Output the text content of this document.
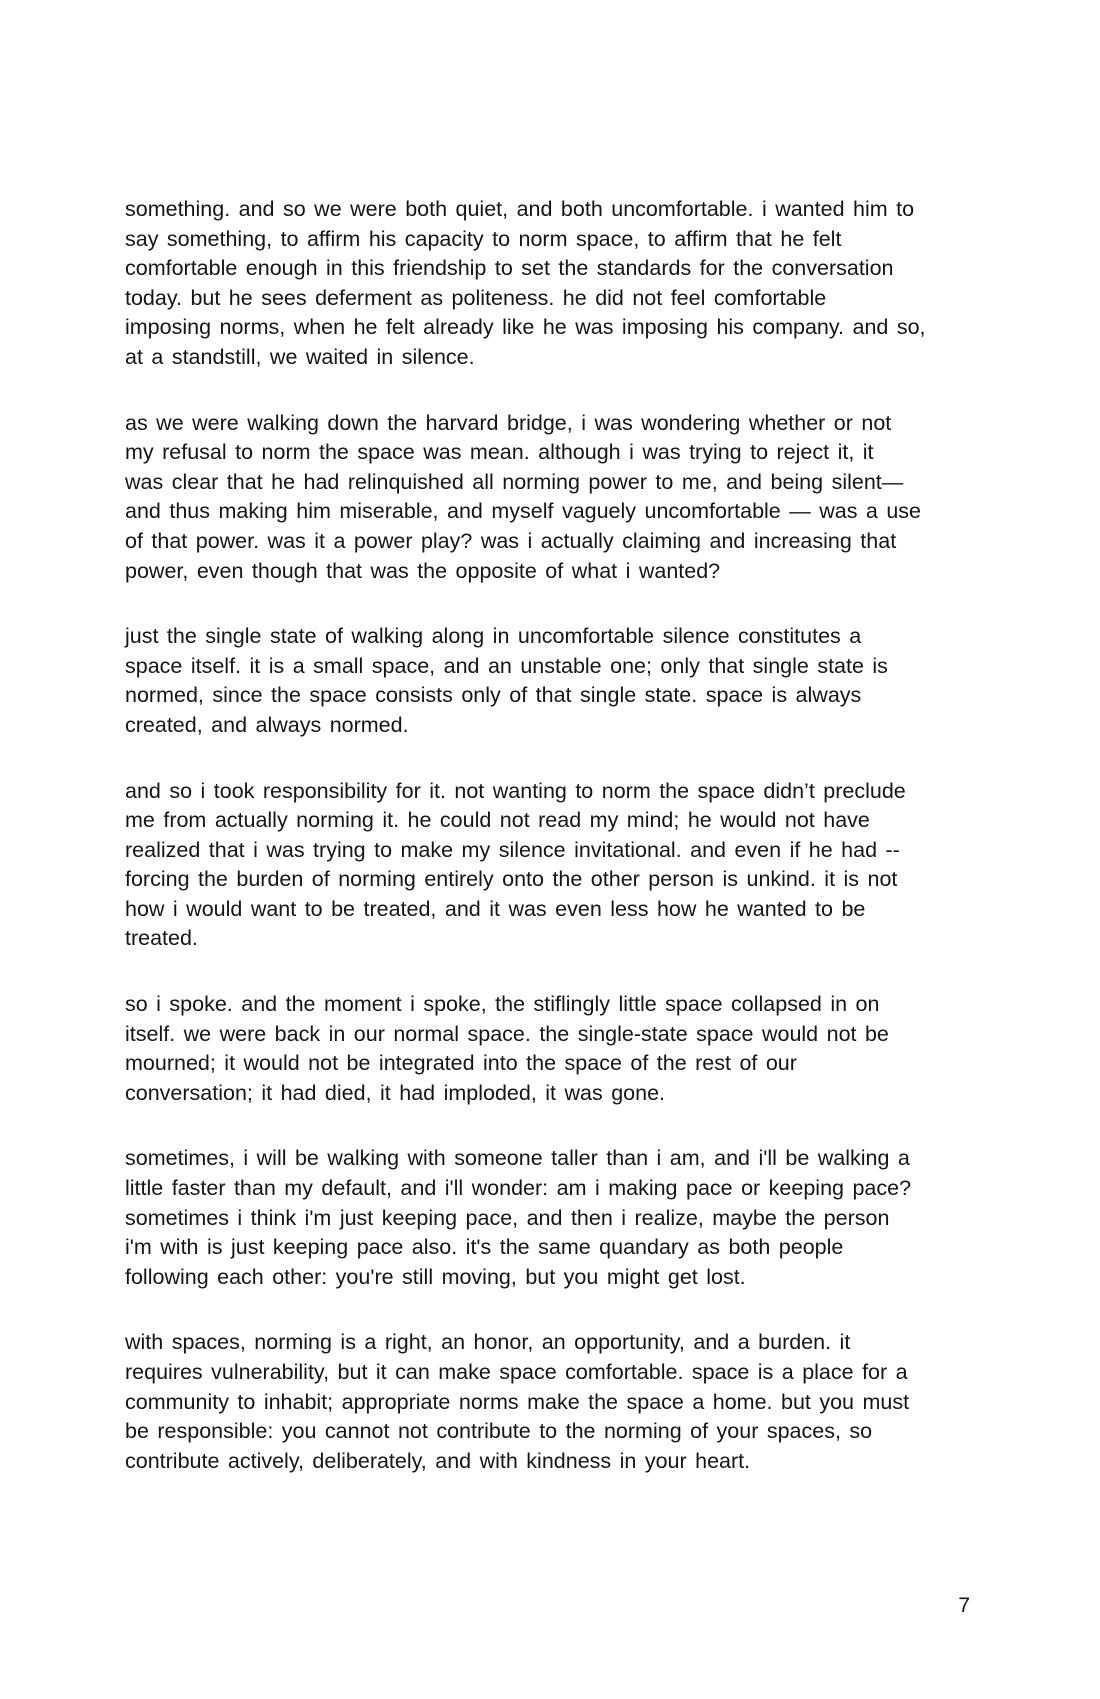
something. and so we were both quiet, and both uncomfortable. i wanted him to
say something, to affirm his capacity to norm space, to affirm that he felt
comfortable enough in this friendship to set the standards for the conversation
today. but he sees deferment as politeness. he did not feel comfortable
imposing norms, when he felt already like he was imposing his company. and so,
at a standstill, we waited in silence.
as we were walking down the harvard bridge, i was wondering whether or not
my refusal to norm the space was mean. although i was trying to reject it, it
was clear that he had relinquished all norming power to me, and being silent—
and thus making him miserable, and myself vaguely uncomfortable — was a use
of that power. was it a power play? was i actually claiming and increasing that
power, even though that was the opposite of what i wanted?
just the single state of walking along in uncomfortable silence constitutes a
space itself. it is a small space, and an unstable one; only that single state is
normed, since the space consists only of that single state. space is always
created, and always normed.
and so i took responsibility for it. not wanting to norm the space didn’t preclude
me from actually norming it. he could not read my mind; he would not have
realized that i was trying to make my silence invitational. and even if he had --
forcing the burden of norming entirely onto the other person is unkind. it is not
how i would want to be treated, and it was even less how he wanted to be
treated.
so i spoke. and the moment i spoke, the stiflingly little space collapsed in on
itself. we were back in our normal space. the single-state space would not be
mourned; it would not be integrated into the space of the rest of our
conversation; it had died, it had imploded, it was gone.
sometimes, i will be walking with someone taller than i am, and i'll be walking a
little faster than my default, and i'll wonder: am i making pace or keeping pace?
sometimes i think i'm just keeping pace, and then i realize, maybe the person
i'm with is just keeping pace also. it's the same quandary as both people
following each other: you're still moving, but you might get lost.
with spaces, norming is a right, an honor, an opportunity, and a burden. it
requires vulnerability, but it can make space comfortable. space is a place for a
community to inhabit; appropriate norms make the space a home. but you must
be responsible: you cannot not contribute to the norming of your spaces, so
contribute actively, deliberately, and with kindness in your heart.
7
